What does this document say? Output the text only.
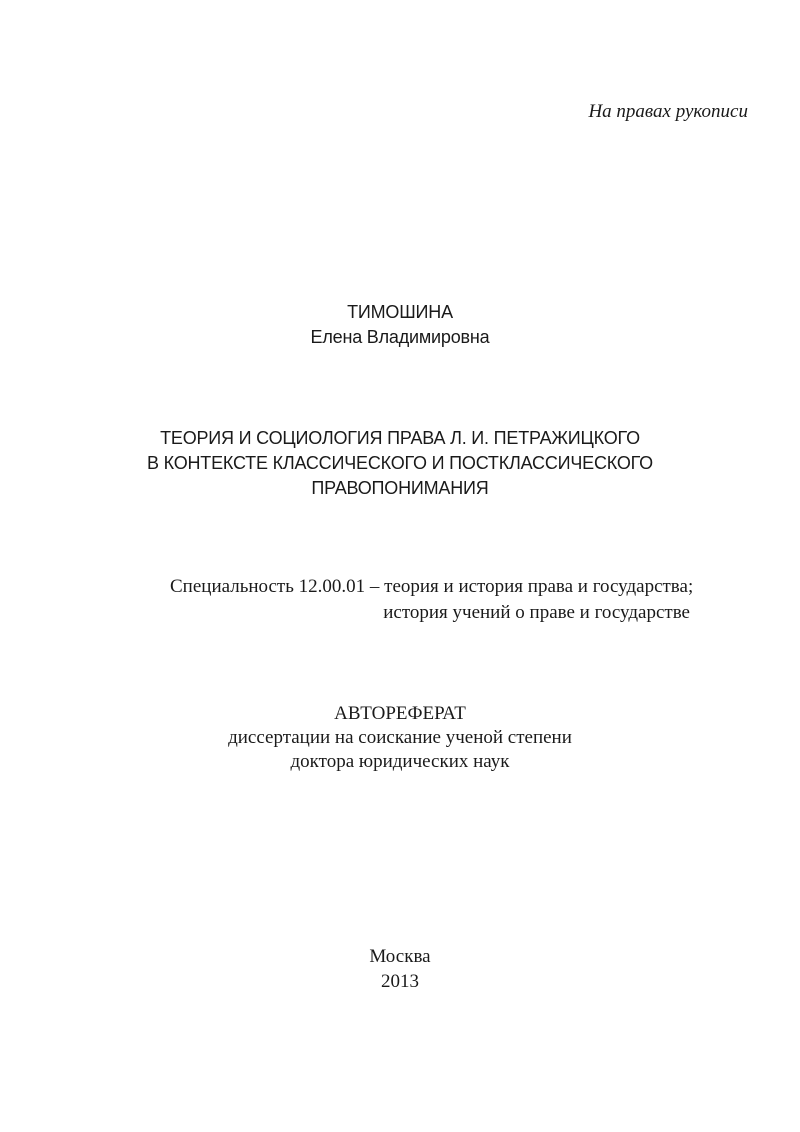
На правах рукописи
ТИМОШИНА
Елена Владимировна
ТЕОРИЯ И СОЦИОЛОГИЯ ПРАВА Л. И. ПЕТРАЖИЦКОГО
В КОНТЕКСТЕ КЛАССИЧЕСКОГО И ПОСТКЛАССИЧЕСКОГО
ПРАВОПОНИМАНИЯ
Специальность 12.00.01 – теория и история права и государства;
история учений о праве и государстве
АВТОРЕФЕРАТ
диссертации на соискание ученой степени
доктора юридических наук
Москва
2013
